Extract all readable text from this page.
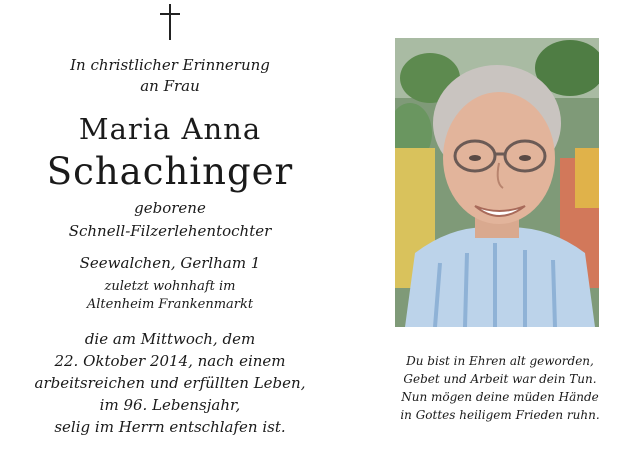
In christlicher Erinnerung
an Frau
Maria Anna
Schachinger
geborene
Schnell-Filzerlehentochter
Seewalchen, Gerlham 1
zuletzt wohnhaft im
Altenheim Frankenmarkt
die am Mittwoch, dem
22. Oktober 2014, nach einem
arbeitsreichen und erfüllten Leben,
im 96. Lebensjahr,
selig im Herrn entschlafen ist.
Du bist in Ehren alt geworden,
Gebet und Arbeit war dein Tun.
Nun mögen deine müden Hände
in Gottes heiligem Frieden ruhn.
